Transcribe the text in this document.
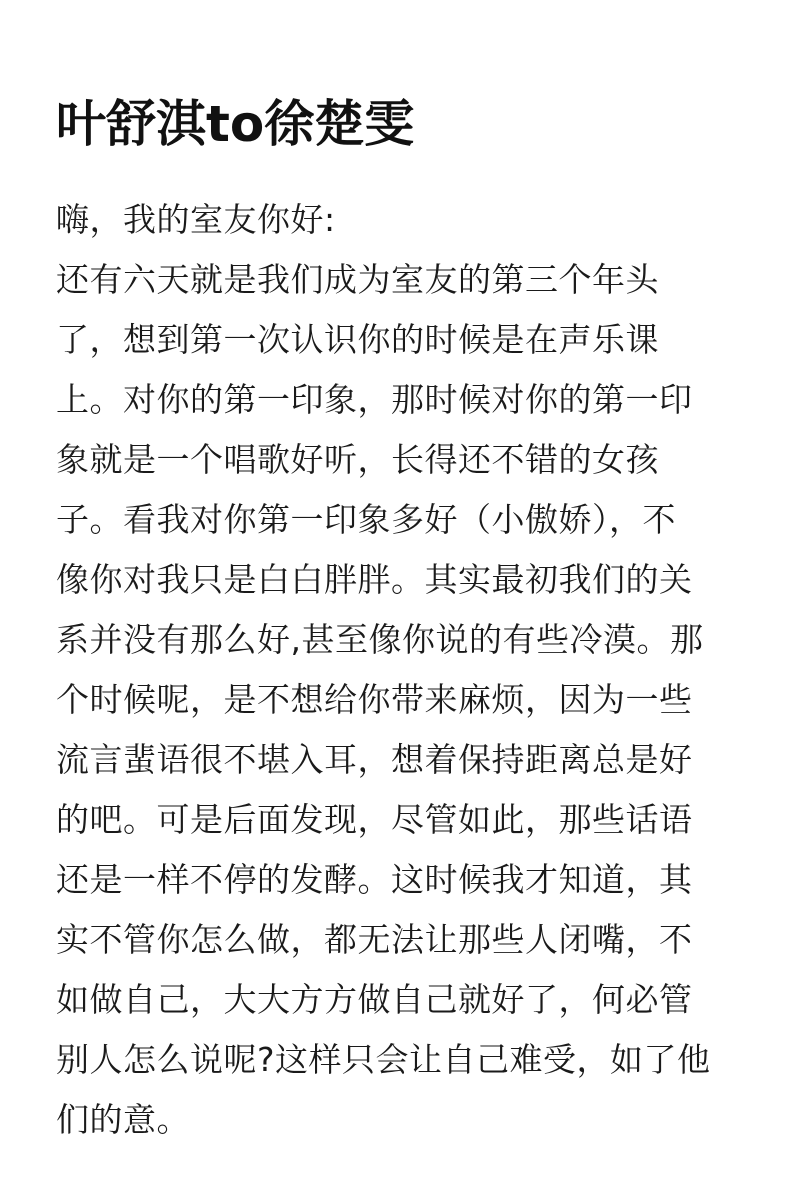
叶舒淇to徐楚雯
嗨，我的室友你好:
还有六天就是我们成为室友的第三个年头
了，想到第一次认识你的时候是在声乐课
上。对你的第一印象，那时候对你的第一印
象就是一个唱歌好听，长得还不错的女孩
子。看我对你第一印象多好（小傲娇），不
像你对我只是白白胖胖。其实最初我们的关
系并没有那么好,甚至像你说的有些冷漠。那
个时候呢，是不想给你带来麻烦，因为一些
流言蜚语很不堪入耳，想着保持距离总是好
的吧。可是后面发现，尽管如此，那些话语
还是一样不停的发酵。这时候我才知道，其
实不管你怎么做，都无法让那些人闭嘴，不
如做自己，大大方方做自己就好了，何必管
别人怎么说呢?这样只会让自己难受，如了他
们的意。
